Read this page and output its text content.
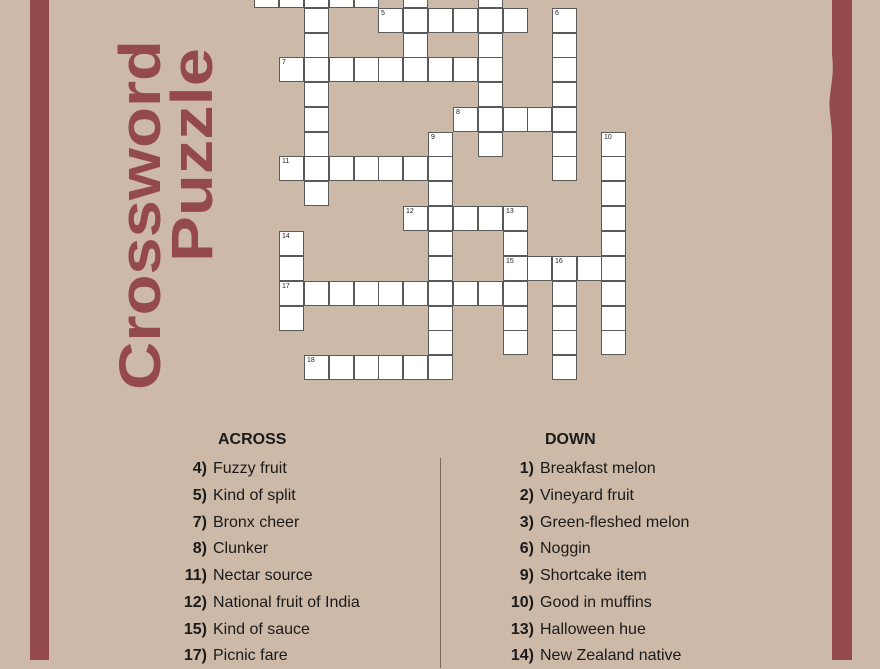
Crossword
Puzzle
5	6
7
8
9	10
11
12	13
14
15	16
17
18
ACROSS	DOWN
4) Fuzzy fruit
5) Kind of split
7) Bronx cheer
8) Clunker
11) Nectar source
12) National fruit of India
15) Kind of sauce
17) Picnic fare
1) Breakfast melon
2) Vineyard fruit
3) Green-fleshed melon
6) Noggin
9) Shortcake item
10) Good in muffins
13) Halloween hue
14) New Zealand native
